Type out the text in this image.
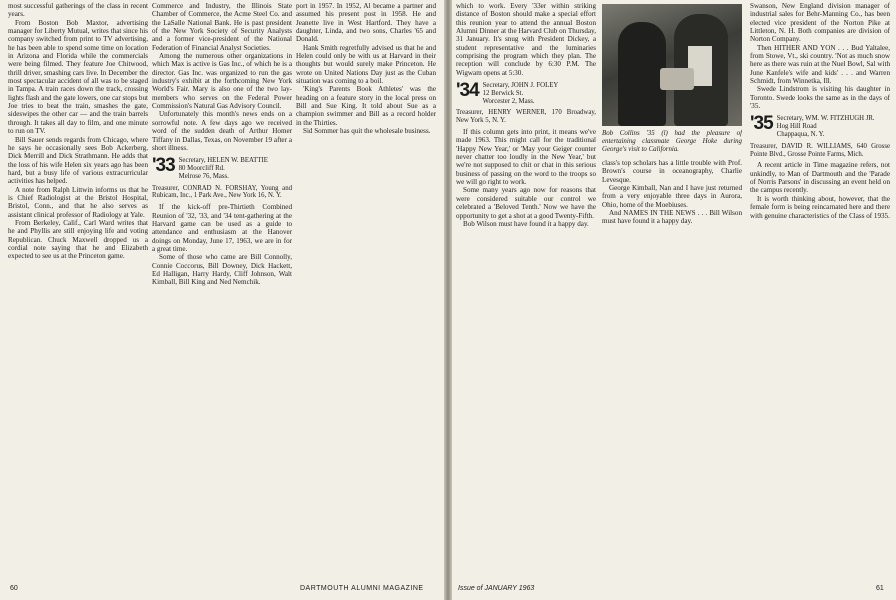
most successful gatherings of the class in recent years.

From Boston Bob Maxtor, advertising manager for Liberty Mutual, writes that since his company switched from print to TV advertising, he has been able to spend some time on location in Arizona and Florida while the commercials were being filmed. They feature Joe Chitwood, thrill driver, smashing cars live. In December the most spectacular accident of all was to be staged in Tampa. A train races down the track, crossing lights flash and the gate lowers, one car stops but Joe tries to beat the train, smashes the gate, sideswipes the other car — and the train barrels through. It takes all day to film, and one minute to run on TV.

Bill Sauer sends regards from Chicago, where he says he occasionally sees Bob Ackerberg, Dick Merrill and Dick Strathmann. He adds that the loss of his wife Helen six years ago has been hard, but a busy life of various extracurricular activities has helped.

A note from Ralph Littwin informs us that he is Chief Radiologist at the Bristol Hospital, Bristol, Conn., and that he also serves as assistant clinical professor of Radiology at Yale.

From Berkeley, Calif., Carl Ward writes that he and Phyllis are still enjoying life and voting Republican. Chuck Maxwell dropped us a cordial note saying that he and Elizabeth expected to see us at the Princeton game.

Commerce and Industry, the Illinois State Chamber of Commerce, the Acme Steel Co. and the LaSalle National Bank. He is past president of the New York Society of Security Analysts and a former vice-president of the National Federation of Financial Analyst Societies.

Among the numerous other organizations in which Max is active is Gas Inc., of which he is a director. Gas Inc. was organized to run the gas industry's exhibit at the forthcoming New York World's Fair. Mary is also one of the two lay-members who serves on the Federal Power Commission's Natural Gas Advisory Council.

Unfortunately this month's news ends on a sorrowful note. A few days ago we received word of the sudden death of Arthur Homer Tiffany in Dallas, Texas, on November 19 after a short illness.

'33 Secretary, HELEN W. BEATTIE
80 Moorcliff Rd.
Melrose 76, Mass.
Treasurer, CONRAD N. FORSHAY, Young and Rubicam, Inc., 1 Park Ave., New York 16, N. Y.

If the kick-off pre-Thirtieth Combined Reunion of '32, '33, and '34 tent-gathering at the Harvard game can be used as a guide to attendance and enthusiasm at the Hanover doings on Monday, June 17, 1963, we are in for a great time.

Some of those who came are Bill Connolly, Connie Coccorus, Bill Downey, Dick Hackett, Ed Halligan, Harry Hardy, Cliff Johnson, Walt Kimball, Bill King and Ned Nemchik.

port in 1957. In 1952, Al became a partner and assumed his present post in 1958. He and Jeanette live in West Hartford. They have a daughter, Linda, and two sons, Charles '65 and Donald.

Hank Smith regretfully advised us that he and Helen could only be with us at Harvard in their thoughts but would surely make Princeton. He wrote on United Nations Day just as the Cuban situation was coming to a boil.

'King's Parents Book Athletes' was the heading on a feature story in the local press on Bill and Sue King. It told about Sue as a champion swimmer and Bill as a record holder in the Thirties.

Sid Sommer has quit the wholesale business.

60	DARTMOUTH ALUMNI MAGAZINE

which to work. Every '33er within striking distance of Boston should make a special effort this reunion year to attend the annual Boston Alumni Dinner at the Harvard Club on Thursday, 31 January. It's snug with President Dickey, a student representative and the luminaries comprising the program which they plan. The reception will conclude by 6:30 P.M. The Wigwam opens at 5:30.

'34 Secretary, JOHN J. FOLEY
12 Berwick St.
Worcester 2, Mass.
Treasurer, HENRY WERNER, 170 Broadway, New York 5, N. Y.

If this column gets into print, it means we've made 1963. This might call for the traditional 'Happy New Year,' or 'May your Geiger counter never chatter too loudly in the New Year,' but we're not supposed to chit or chat in this serious business of passing on the word to the troops so we will go right to work.

Some many years ago now for reasons that were considered suitable our control we celebrated a 'Beloved Tenth.' Now we have the opportunity to get a shot at a good Twenty-Fifth.

Bob Wilson must have found it a happy day.

Bob Collins '35 (l) had the pleasure of entertaining classmate George Hoke during George's visit to California.

class's top scholars has a little trouble with Prof. Brown's course in oceanography, Charlie Levesque.

George Kimball, Nan and I have just returned from a very enjoyable three days in Aurora, Ohio, home of the Moebiuses.

And NAMES IN THE NEWS . . . Bill Wilson must have found it a happy day.

Swanson, New England division manager of industrial sales for Behr-Manning Co., has been elected vice president of the Norton Pike at Littleton, N. H. Both companies are division of Norton Company.

Then HITHER AND YON . . . Bud Yaltalee, from Stowe, Vt., ski country. 'Not as much snow here as there was ruin at the Nuel Bowl, Sal with June Kanfele's wife and kids' . . . and Warren Schmidt, from Winnetka, Ill.

Swede Lindstrom is visiting his daughter in Toronto. Swede looks the same as in the days of '35.

'35 Secretary, WM. W. FITZHUGH JR.
Hog Hill Road
Chappaqua, N. Y.
Treasurer, DAVID R. WILLIAMS, 640 Grosse Pointe Blvd., Grosse Pointe Farms, Mich.

A recent article in Time magazine refers, not unkindly, to Man of Dartmouth and the 'Parade of Norris Parsons' in discussing an event held on the campus recently.

It is worth thinking about, however, that the female form is being reincarnated here and there with genuine characteristics of the Class of 1935.

Issue of JANUARY 1963	61
